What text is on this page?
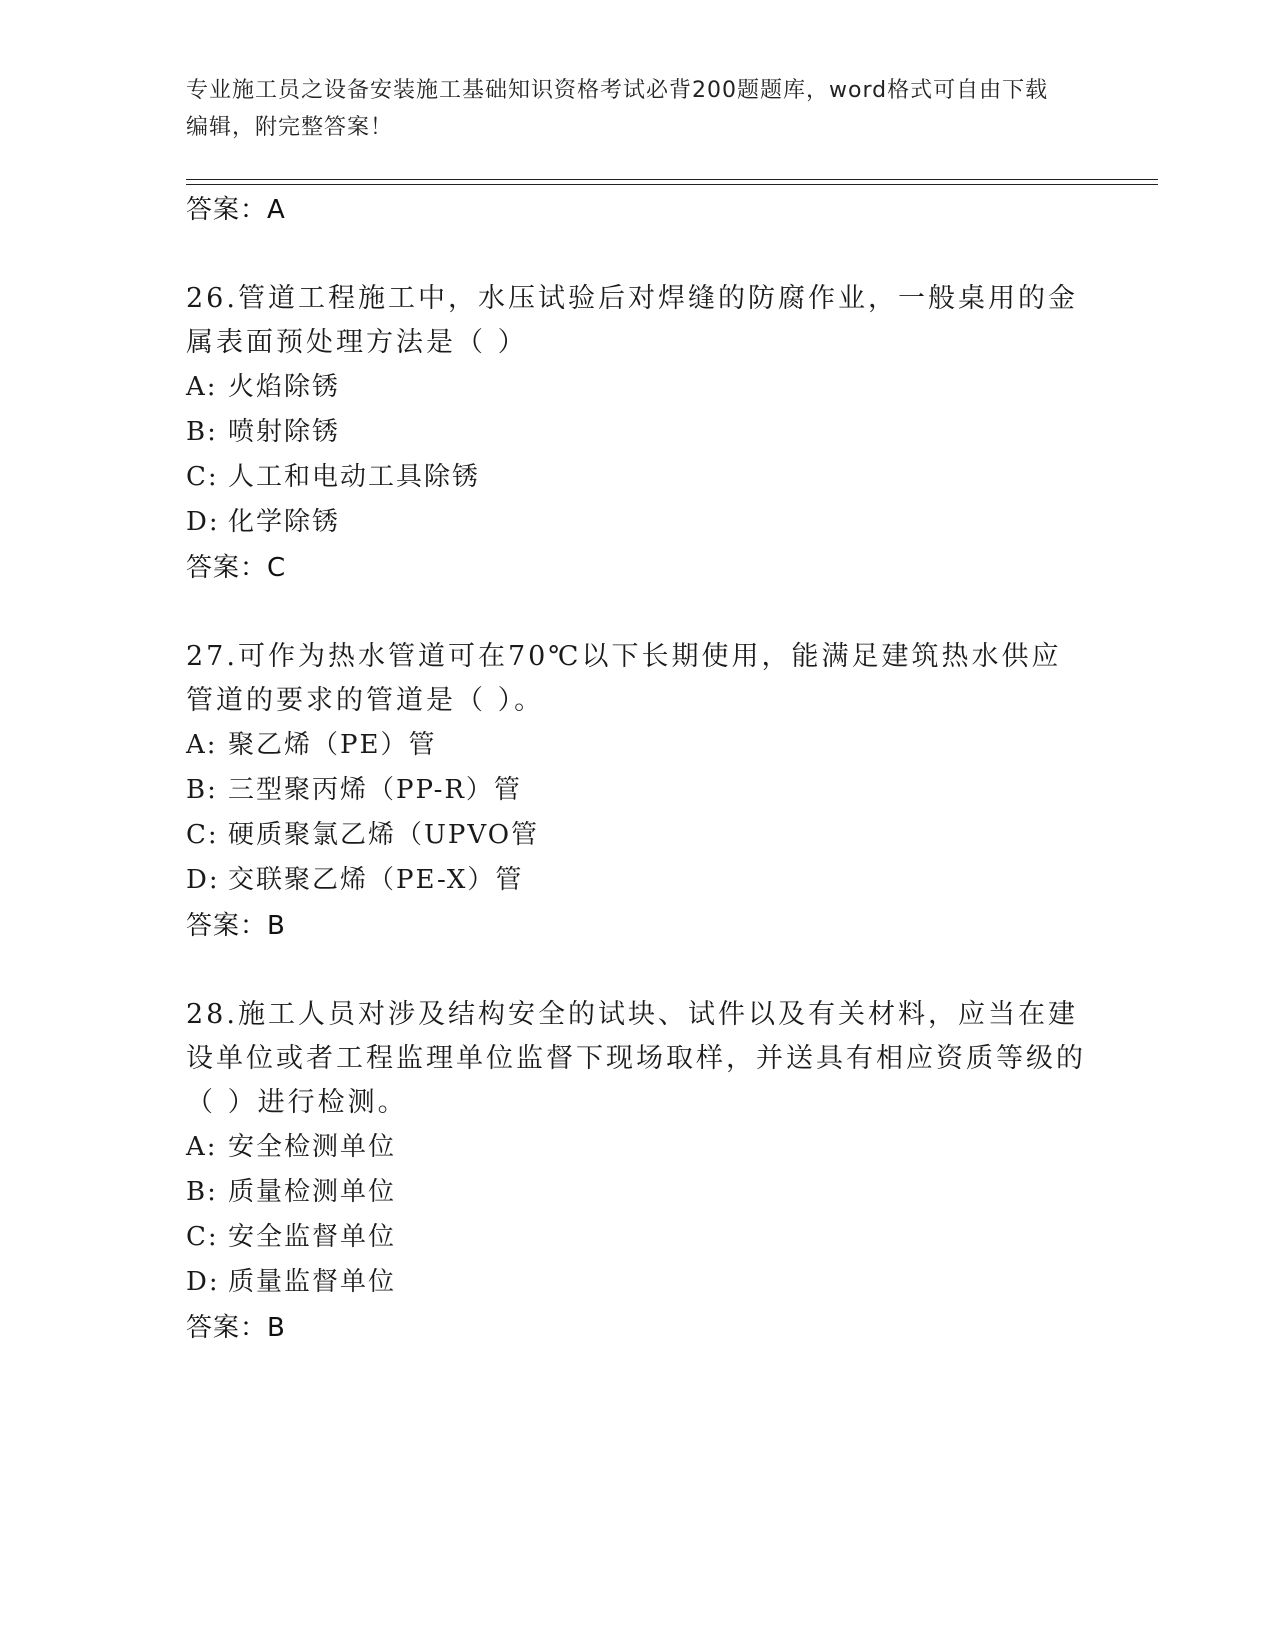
专业施工员之设备安装施工基础知识资格考试必背200题题库，word格式可自由下载编辑，附完整答案！
答案：A
26.管道工程施工中，水压试验后对焊缝的防腐作业，一般桌用的金属表面预处理方法是（ ）
A: 火焰除锈
B: 喷射除锈
C: 人工和电动工具除锈
D: 化学除锈
答案：C
27.可作为热水管道可在70℃以下长期使用，能满足建筑热水供应管道的要求的管道是（ ）。
A: 聚乙烯（PE）管
B: 三型聚丙烯（PP-R）管
C: 硬质聚氯乙烯（UPVO管
D: 交联聚乙烯（PE-X）管
答案：B
28.施工人员对涉及结构安全的试块、试件以及有关材料，应当在建设单位或者工程监理单位监督下现场取样，并送具有相应资质等级的（ ）进行检测。
A: 安全检测单位
B: 质量检测单位
C: 安全监督单位
D: 质量监督单位
答案：B
